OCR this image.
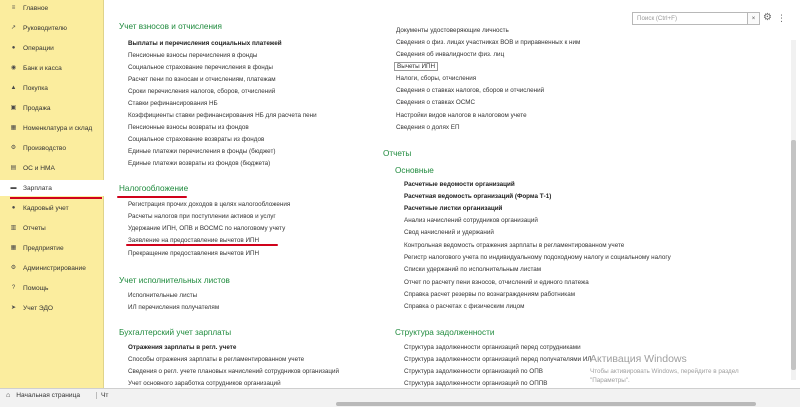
≡ Главное
↗ Руководителю
● Операции
◉ Банк и касса
▲ Покупка
▣ Продажа
▦ Номенклатура и склад
⚙ Производство
▤ ОС и НМА
▬ Зарплата
● Кадровый учет
▥ Отчеты
▦ Предприятие
⚙ Администрирование
? Помощь
➤ Учет ЭДО
Учет взносов и отчисления
Выплаты и перечисления социальных платежей
Пенсионные взносы перечисления в фонды
Социальное страхование перечисления в фонды
Расчет пени по взносам и отчислениям, платежам
Сроки перечисления налогов, сборов, отчислений
Ставки рефинансирования НБ
Коэффициенты ставки рефинансирования НБ для расчета пени
Пенсионные взносы возвраты из фондов
Социальное страхование возвраты из фондов
Единые платежи перечисления в фонды (бюджет)
Единые платежи возвраты из фондов (бюджета)
Налогообложение
Регистрация прочих доходов в целях налогообложения
Расчеты налогов при поступлении активов и услуг
Удержание ИПН, ОПВ и ВОСМС по налоговому учету
Заявление на предоставление вычетов ИПН
Прекращение предоставления вычетов ИПН
Учет исполнительных листов
Исполнительные листы
ИЛ перечисления получателям
Бухгалтерский учет зарплаты
Отражения зарплаты в регл. учете
Способы отражения зарплаты в регламентированном учете
Сведения о регл. учете плановых начислений сотрудников организаций
Учет основного заработка сотрудников организаций
Документы удостоверяющие личность
Сведения о физ. лицах участниках ВОВ и приравненных к ним
Сведения об инвалидности физ. лиц
Вычеты ИПН
Налоги, сборы, отчисления
Сведения о ставках налогов, сборов и отчислений
Сведения о ставках ОСМС
Настройки видов налогов в налоговом учете
Сведения о долях ЕП
Отчеты
Основные
Расчетные ведомости организаций
Расчетная ведомость организаций (Форма Т-1)
Расчетные листки организаций
Анализ начислений сотрудников организаций
Свод начислений и удержаний
Контрольная ведомость отражения зарплаты в регламентированном учете
Регистр налогового учета по индивидуальному подоходному налогу и социальному налогу
Списки удержаний по исполнительным листам
Отчет по расчету пени взносов, отчислений и единого платежа
Справка расчет резервы по вознаграждениям работникам
Справка о расчетах с физическим лицом
Структура задолженности
Структура задолженности организаций перед сотрудниками
Структура задолженности организаций перед получателями ИЛ
Структура задолженности организаций по ОПВ
Структура задолженности организаций по ОППВ
Поиск (Ctrl+F)	× ⚙ ⋮
Активация Windows
Чтобы активировать Windows, перейдите в раздел
"Параметры".
⌂ Начальная страница	Чт
